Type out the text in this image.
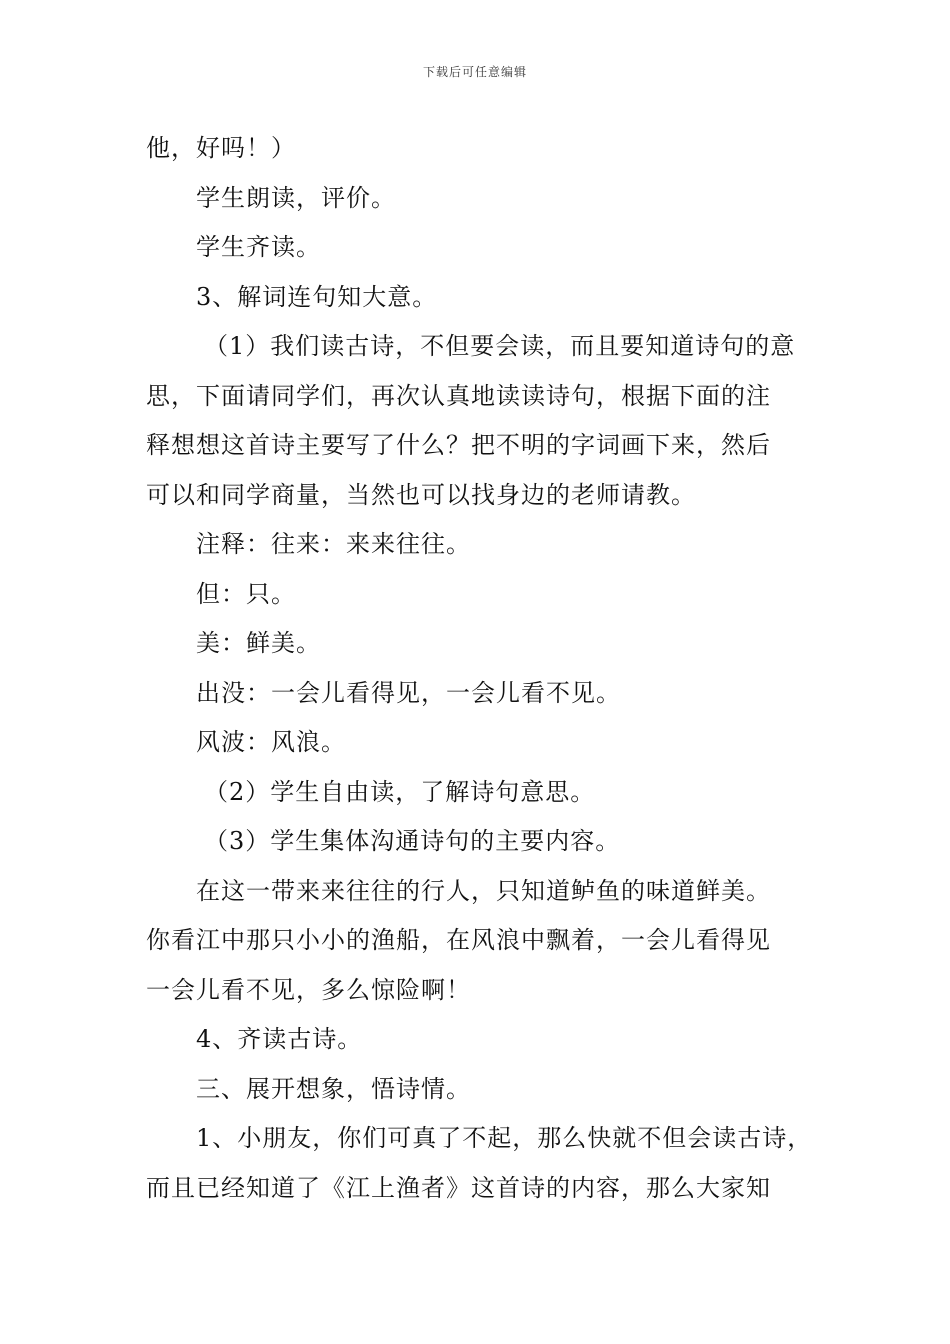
下载后可任意编辑
他，好吗！）
学生朗读，评价。
学生齐读。
3、解词连句知大意。
（1）我们读古诗，不但要会读，而且要知道诗句的意
思，下面请同学们，再次认真地读读诗句，根据下面的注
释想想这首诗主要写了什么？把不明的字词画下来，然后
可以和同学商量，当然也可以找身边的老师请教。
注释：往来：来来往往。
但：只。
美：鲜美。
出没：一会儿看得见，一会儿看不见。
风波：风浪。
（2）学生自由读，了解诗句意思。
（3）学生集体沟通诗句的主要内容。
在这一带来来往往的行人，只知道鲈鱼的味道鲜美。
你看江中那只小小的渔船，在风浪中飘着，一会儿看得见
一会儿看不见，多么惊险啊！
4、齐读古诗。
三、展开想象，悟诗情。
1、小朋友，你们可真了不起，那么快就不但会读古诗，
而且已经知道了《江上渔者》这首诗的内容，那么大家知
